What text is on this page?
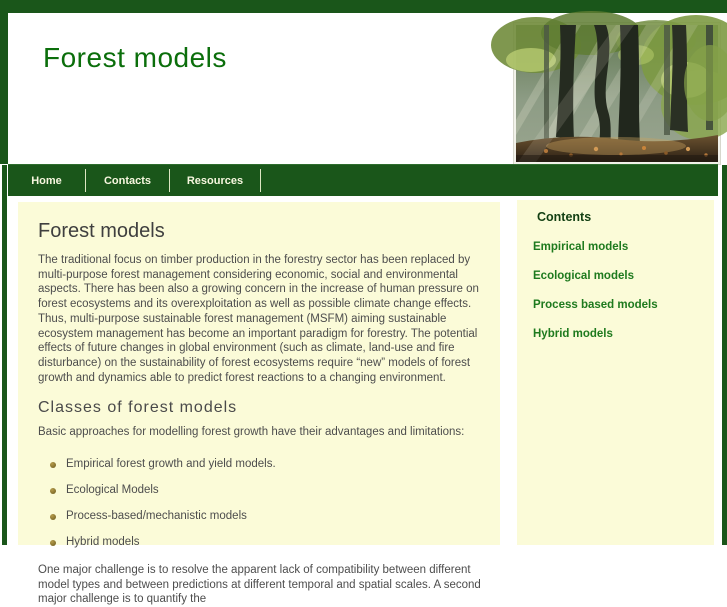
Forest models
Home	Contacts	Resources
Forest models

The traditional focus on timber production in the forestry sector has been replaced by multi-purpose forest management considering economic, social and environmental aspects. There has been also a growing concern in the increase of human pressure on forest ecosystems and its overexploitation as well as possible climate change effects. Thus, multi-purpose sustainable forest management (MSFM) aiming sustainable ecosystem management has become an important paradigm for forestry. The potential effects of future changes in global environment (such as climate, land-use and fire disturbance) on the sustainability of forest ecosystems require “new” models of forest growth and dynamics able to predict forest reactions to a changing environment.

Classes of forest models

Basic approaches for modelling forest growth have their advantages and limitations:

Empirical forest growth and yield models.
Ecological Models
Process-based/mechanistic models
Hybrid models

One major challenge is to resolve the apparent lack of compatibility between different model types and between predictions at different temporal and spatial scales. A second major challenge is to quantify the

Contents
Empirical models
Ecological models
Process based models
Hybrid models
